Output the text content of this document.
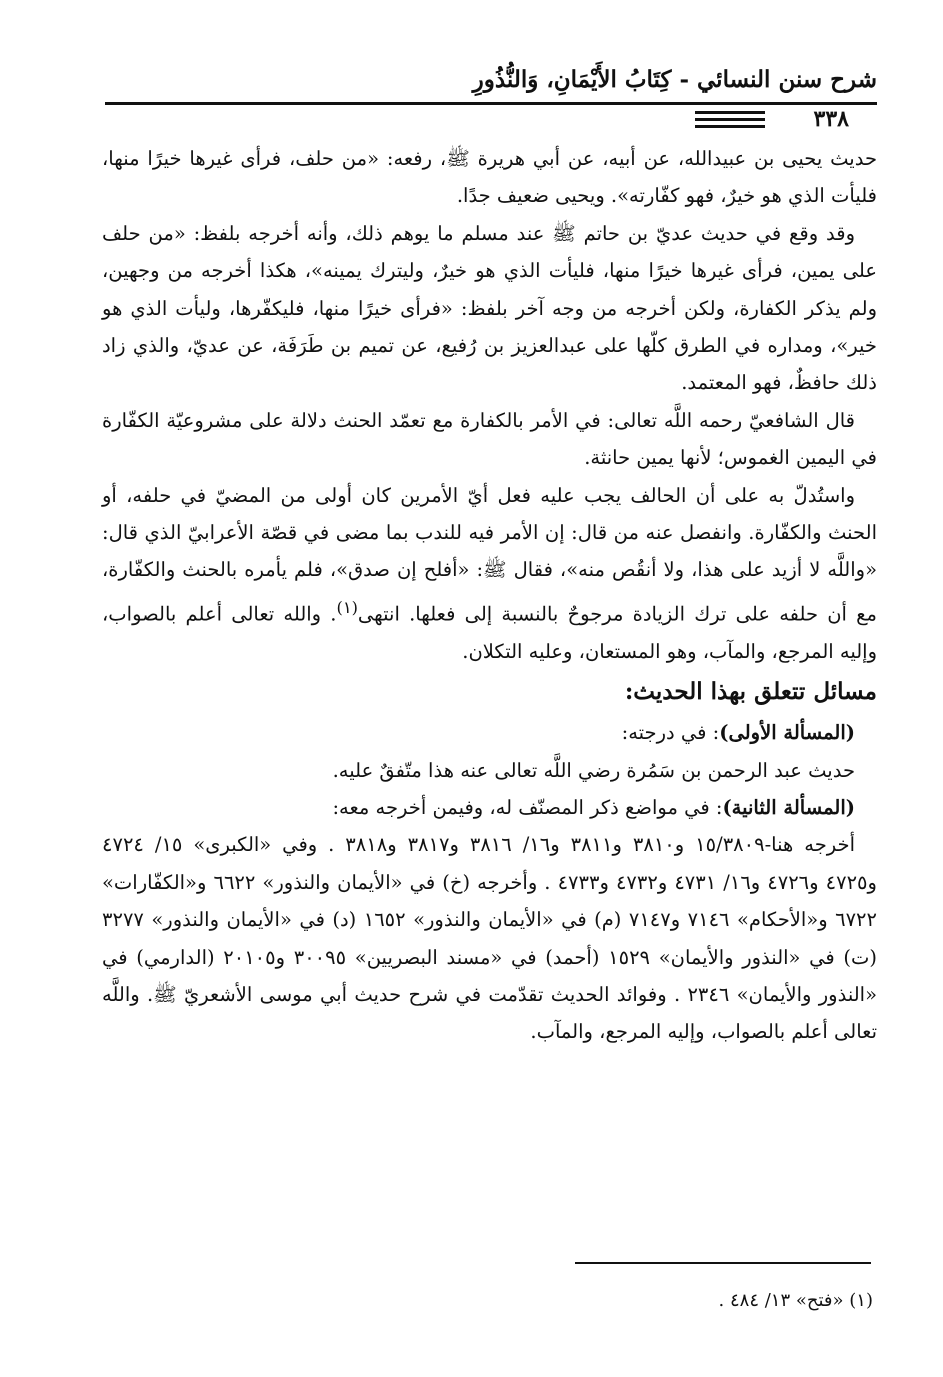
شرح سنن النسائي - كِتَابُ الأَيْمَانِ، وَالنُّذُورِ
٣٣٨

حديث يحيى بن عبيدالله، عن أبيه، عن أبي هريرة ﷺ، رفعه: «من حلف، فرأى غيرها خيرًا منها، فليأت الذي هو خيرٌ، فهو كفّارته». ويحيى ضعيف جدًا.

وقد وقع في حديث عديّ بن حاتم ﷺ عند مسلم ما يوهم ذلك، وأنه أخرجه بلفظ: «من حلف على يمين، فرأى غيرها خيرًا منها، فليأت الذي هو خيرٌ، وليترك يمينه»، هكذا أخرجه من وجهين، ولم يذكر الكفارة، ولكن أخرجه من وجه آخر بلفظ: «فرأى خيرًا منها، فليكفّرها، وليأت الذي هو خير»، ومداره في الطرق كلّها على عبدالعزيز بن رُفيع، عن تميم بن طَرَفَة، عن عديّ، والذي زاد ذلك حافظٌ، فهو المعتمد.

قال الشافعيّ رحمه اللَّه تعالى: في الأمر بالكفارة مع تعمّد الحنث دلالة على مشروعيّة الكفّارة في اليمين الغموس؛ لأنها يمين حانثة.

واستُدلّ به على أن الحالف يجب عليه فعل أيّ الأمرين كان أولى من المضيّ في حلفه، أو الحنث والكفّارة. وانفصل عنه من قال: إن الأمر فيه للندب بما مضى في قصّة الأعرابيّ الذي قال: «واللَّه لا أزيد على هذا، ولا أنقُص منه»، فقال ﷺ: «أفلح إن صدق»، فلم يأمره بالحنث والكفّارة، مع أن حلفه على ترك الزيادة مرجوحٌ بالنسبة إلى فعلها. انتهى$^{(١)}$. والله تعالى أعلم بالصواب، وإليه المرجع، والمآب، وهو المستعان، وعليه التكلان.

مسائل تتعلق بهذا الحديث:

(المسألة الأولى): في درجته:

حديث عبد الرحمن بن سَمُرة رضي اللَّه تعالى عنه هذا متّفقٌ عليه.

(المسألة الثانية): في مواضع ذكر المصنّف له، وفيمن أخرجه معه:

أخرجه هنا-١٥/٣٨٠٩ و٣٨١٠ و٣٨١١ و١٦/ ٣٨١٦ و٣٨١٧ و٣٨١٨ . وفي «الكبرى» ١٥/ ٤٧٢٤ و٤٧٢٥ و٤٧٢٦ و١٦/ ٤٧٣١ و٤٧٣٢ و٤٧٣٣ . وأخرجه (خ) في «الأيمان والنذور» ٦٦٢٢ و«الكفّارات» ٦٧٢٢ و«الأحكام» ٧١٤٦ و٧١٤٧ (م) في «الأيمان والنذور» ١٦٥٢ (د) في «الأيمان والنذور» ٣٢٧٧ (ت) في «النذور والأيمان» ١٥٢٩ (أحمد) في «مسند البصريين» ٣٠٠٩٥ و٢٠١٠٥ (الدارمي) في «النذور والأيمان» ٢٣٤٦ . وفوائد الحديث تقدّمت في شرح حديث أبي موسى الأشعريّ ﷺ. واللَّه تعالى أعلم بالصواب، وإليه المرجع، والمآب.

(١) «فتح» ١٣/ ٤٨٤ .
